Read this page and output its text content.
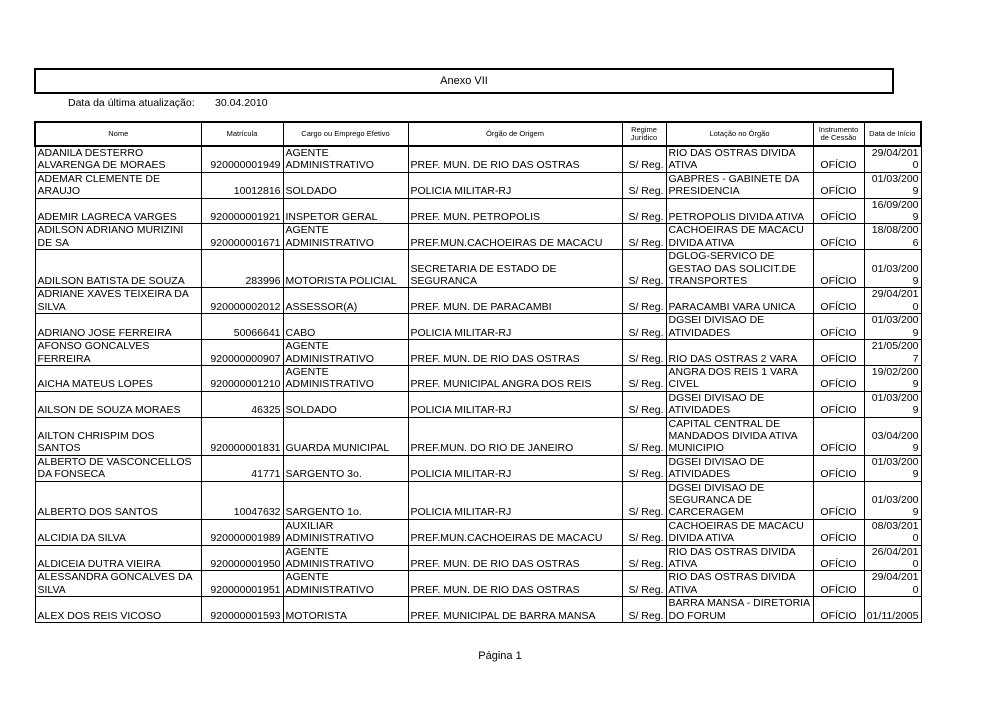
Anexo VII
Data da última atualização: 30.04.2010
Nome	Matrícula	Cargo ou Emprego Efetivo	Órgão de Origem	Regime Jurídico	Lotação no Órgão	Instrumento de Cessão	Data de Início
ADANILA DESTERRO ALVARENGA DE MORAES	920000001949	AGENTE ADMINISTRATIVO	PREF. MUN. DE RIO DAS OSTRAS	S/ Reg.	RIO DAS OSTRAS DIVIDA ATIVA	OFÍCIO	29/04/2010
ADEMAR CLEMENTE DE ARAUJO	10012816	SOLDADO	POLICIA MILITAR-RJ	S/ Reg.	GABPRES - GABINETE DA PRESIDENCIA	OFÍCIO	01/03/2009
ADEMIR LAGRECA VARGES	920000001921	INSPETOR GERAL	PREF. MUN. PETROPOLIS	S/ Reg.	PETROPOLIS DIVIDA ATIVA	OFÍCIO	16/09/2009
ADILSON ADRIANO MURIZINI DE SA	920000001671	AGENTE ADMINISTRATIVO	PREF.MUN.CACHOEIRAS DE MACACU	S/ Reg.	CACHOEIRAS DE MACACU DIVIDA ATIVA	OFÍCIO	18/08/2006
ADILSON BATISTA DE SOUZA	283996	MOTORISTA POLICIAL	SECRETARIA DE ESTADO DE SEGURANCA	S/ Reg.	DGLOG-SERVICO DE GESTAO DAS SOLICIT.DE TRANSPORTES	OFÍCIO	01/03/2009
ADRIANE XAVES TEIXEIRA DA SILVA	920000002012	ASSESSOR(A)	PREF. MUN. DE PARACAMBI	S/ Reg.	PARACAMBI VARA UNICA	OFÍCIO	29/04/2010
ADRIANO JOSE FERREIRA	50066641	CABO	POLICIA MILITAR-RJ	S/ Reg.	DGSEI DIVISAO DE ATIVIDADES	OFÍCIO	01/03/2009
AFONSO GONCALVES FERREIRA	920000000907	AGENTE ADMINISTRATIVO	PREF. MUN. DE RIO DAS OSTRAS	S/ Reg.	RIO DAS OSTRAS 2 VARA	OFÍCIO	21/05/2007
AICHA MATEUS LOPES	920000001210	AGENTE ADMINISTRATIVO	PREF. MUNICIPAL ANGRA DOS REIS	S/ Reg.	ANGRA DOS REIS 1 VARA CIVEL	OFÍCIO	19/02/2009
AILSON DE SOUZA MORAES	46325	SOLDADO	POLICIA MILITAR-RJ	S/ Reg.	DGSEI DIVISAO DE ATIVIDADES	OFÍCIO	01/03/2009
AILTON CHRISPIM DOS SANTOS	920000001831	GUARDA MUNICIPAL	PREF.MUN. DO RIO DE JANEIRO	S/ Reg.	CAPITAL CENTRAL DE MANDADOS DIVIDA ATIVA MUNICIPIO	OFÍCIO	03/04/2009
ALBERTO DE VASCONCELLOS DA FONSECA	41771	SARGENTO 3o.	POLICIA MILITAR-RJ	S/ Reg.	DGSEI DIVISAO DE ATIVIDADES	OFÍCIO	01/03/2009
ALBERTO DOS SANTOS	10047632	SARGENTO 1o.	POLICIA MILITAR-RJ	S/ Reg.	DGSEI DIVISAO DE SEGURANCA DE CARCERAGEM	OFÍCIO	01/03/2009
ALCIDIA DA SILVA	920000001989	AUXILIAR ADMINISTRATIVO	PREF.MUN.CACHOEIRAS DE MACACU	S/ Reg.	CACHOEIRAS DE MACACU DIVIDA ATIVA	OFÍCIO	08/03/2010
ALDICEIA DUTRA VIEIRA	920000001950	AGENTE ADMINISTRATIVO	PREF. MUN. DE RIO DAS OSTRAS	S/ Reg.	RIO DAS OSTRAS DIVIDA ATIVA	OFÍCIO	26/04/2010
ALESSANDRA GONCALVES DA SILVA	920000001951	AGENTE ADMINISTRATIVO	PREF. MUN. DE RIO DAS OSTRAS	S/ Reg.	RIO DAS OSTRAS DIVIDA ATIVA	OFÍCIO	29/04/2010
ALEX DOS REIS VICOSO	920000001593	MOTORISTA	PREF. MUNICIPAL DE BARRA MANSA	S/ Reg.	BARRA MANSA - DIRETORIA DO FORUM	OFÍCIO	01/11/2005
Página 1
